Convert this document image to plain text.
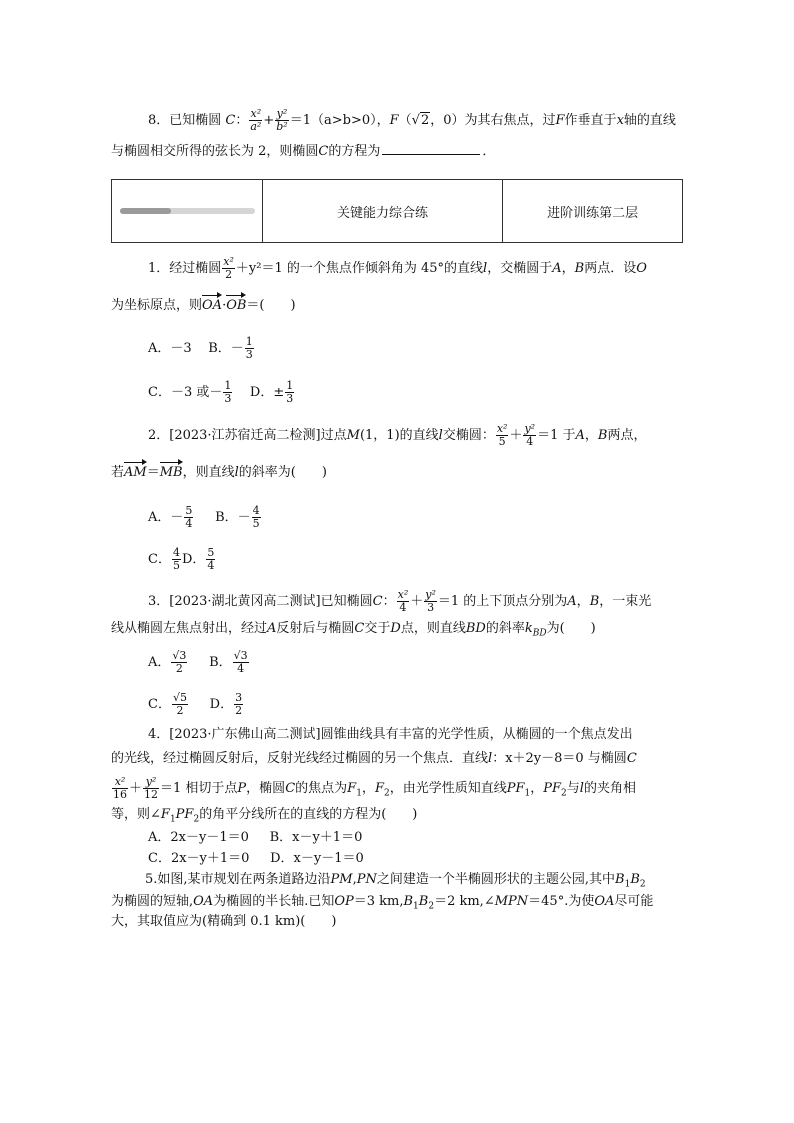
8．已知椭圆 C： $\frac{\text{x²}}{\text{a²}} + \frac{\text{y²}}{\text{b²}} =1(a>b>0)$，F（√2，0）为其右焦点，过F作垂直于x轴的直线
与椭圆相交所得的弦长为 2，则椭圆C的方程为	．
关键能力综合练	进阶训练第二层
1．经过椭圆 $\frac{\text{x²}}{2} +y^2=1$ 的一个焦点作倾斜角为 45°的直线l，交椭圆于A，B两点．设O
为坐标原点，则OA·OB＝(　　)
A．－3 B．－ $\frac{1}{3}$
C．－3 或－ $\frac{1}{3}$ D．± $\frac{1}{3}$
2．[2023·江苏宿迁高二检测]过点M(1，1)的直线l交椭圆： $\frac{\text{x²}}{5} + \frac{\text{y²}}{4} =1$ 于A，B两点，
若AM＝MB，则直线l的斜率为(　　)
A．－ $\frac{5}{4}$ B．－ $\frac{4}{5}$
C． $\frac{4}{5}$ D． $\frac{5}{4}$
3．[2023·湖北黄冈高二测试]已知椭圆C： $\frac{\text{x²}}{4} + \frac{\text{y²}}{3} =1$ 的上下顶点分别为A，B，一束光
线从椭圆左焦点射出，经过A反射后与椭圆C交于D点，则直线BD的斜率$k_{BD}$为(　　)
A． $\frac{√3}{2}$ B． $\frac{√3}{4}$
C． $\frac{√5}{2}$ D． $\frac{3}{2}$
4．[2023·广东佛山高二测试]圆锥曲线具有丰富的光学性质，从椭圆的一个焦点发出
的光线，经过椭圆反射后，反射光线经过椭圆的另一个焦点．直线l：x＋2y－8＝0 与椭圆C
$\frac{\text{x²}}{16} + \frac{\text{y²}}{12} =1$ 相切于点P，椭圆C的焦点为$F_1$，$F_2$，由光学性质知直线$PF_1$，$PF_2$与l的夹角相
等，则$\angle F_1PF_2$的角平分线所在的直线的方程为(　　)
A．2x－y－1＝0 B．x－y＋1＝0
C．2x－y＋1＝0 D．x－y－1＝0
5.如图,某市规划在两条道路边沿PM,PN之间建造一个半椭圆形状的主题公园,其中$B_1B_2$
为椭圆的短轴,OA为椭圆的半长轴.已知OP＝3 $km,B_1B_2=2$ km,∠MPN＝45°.为使OA尽可能
大，其取值应为(精确到 0.1 km)(　　)
